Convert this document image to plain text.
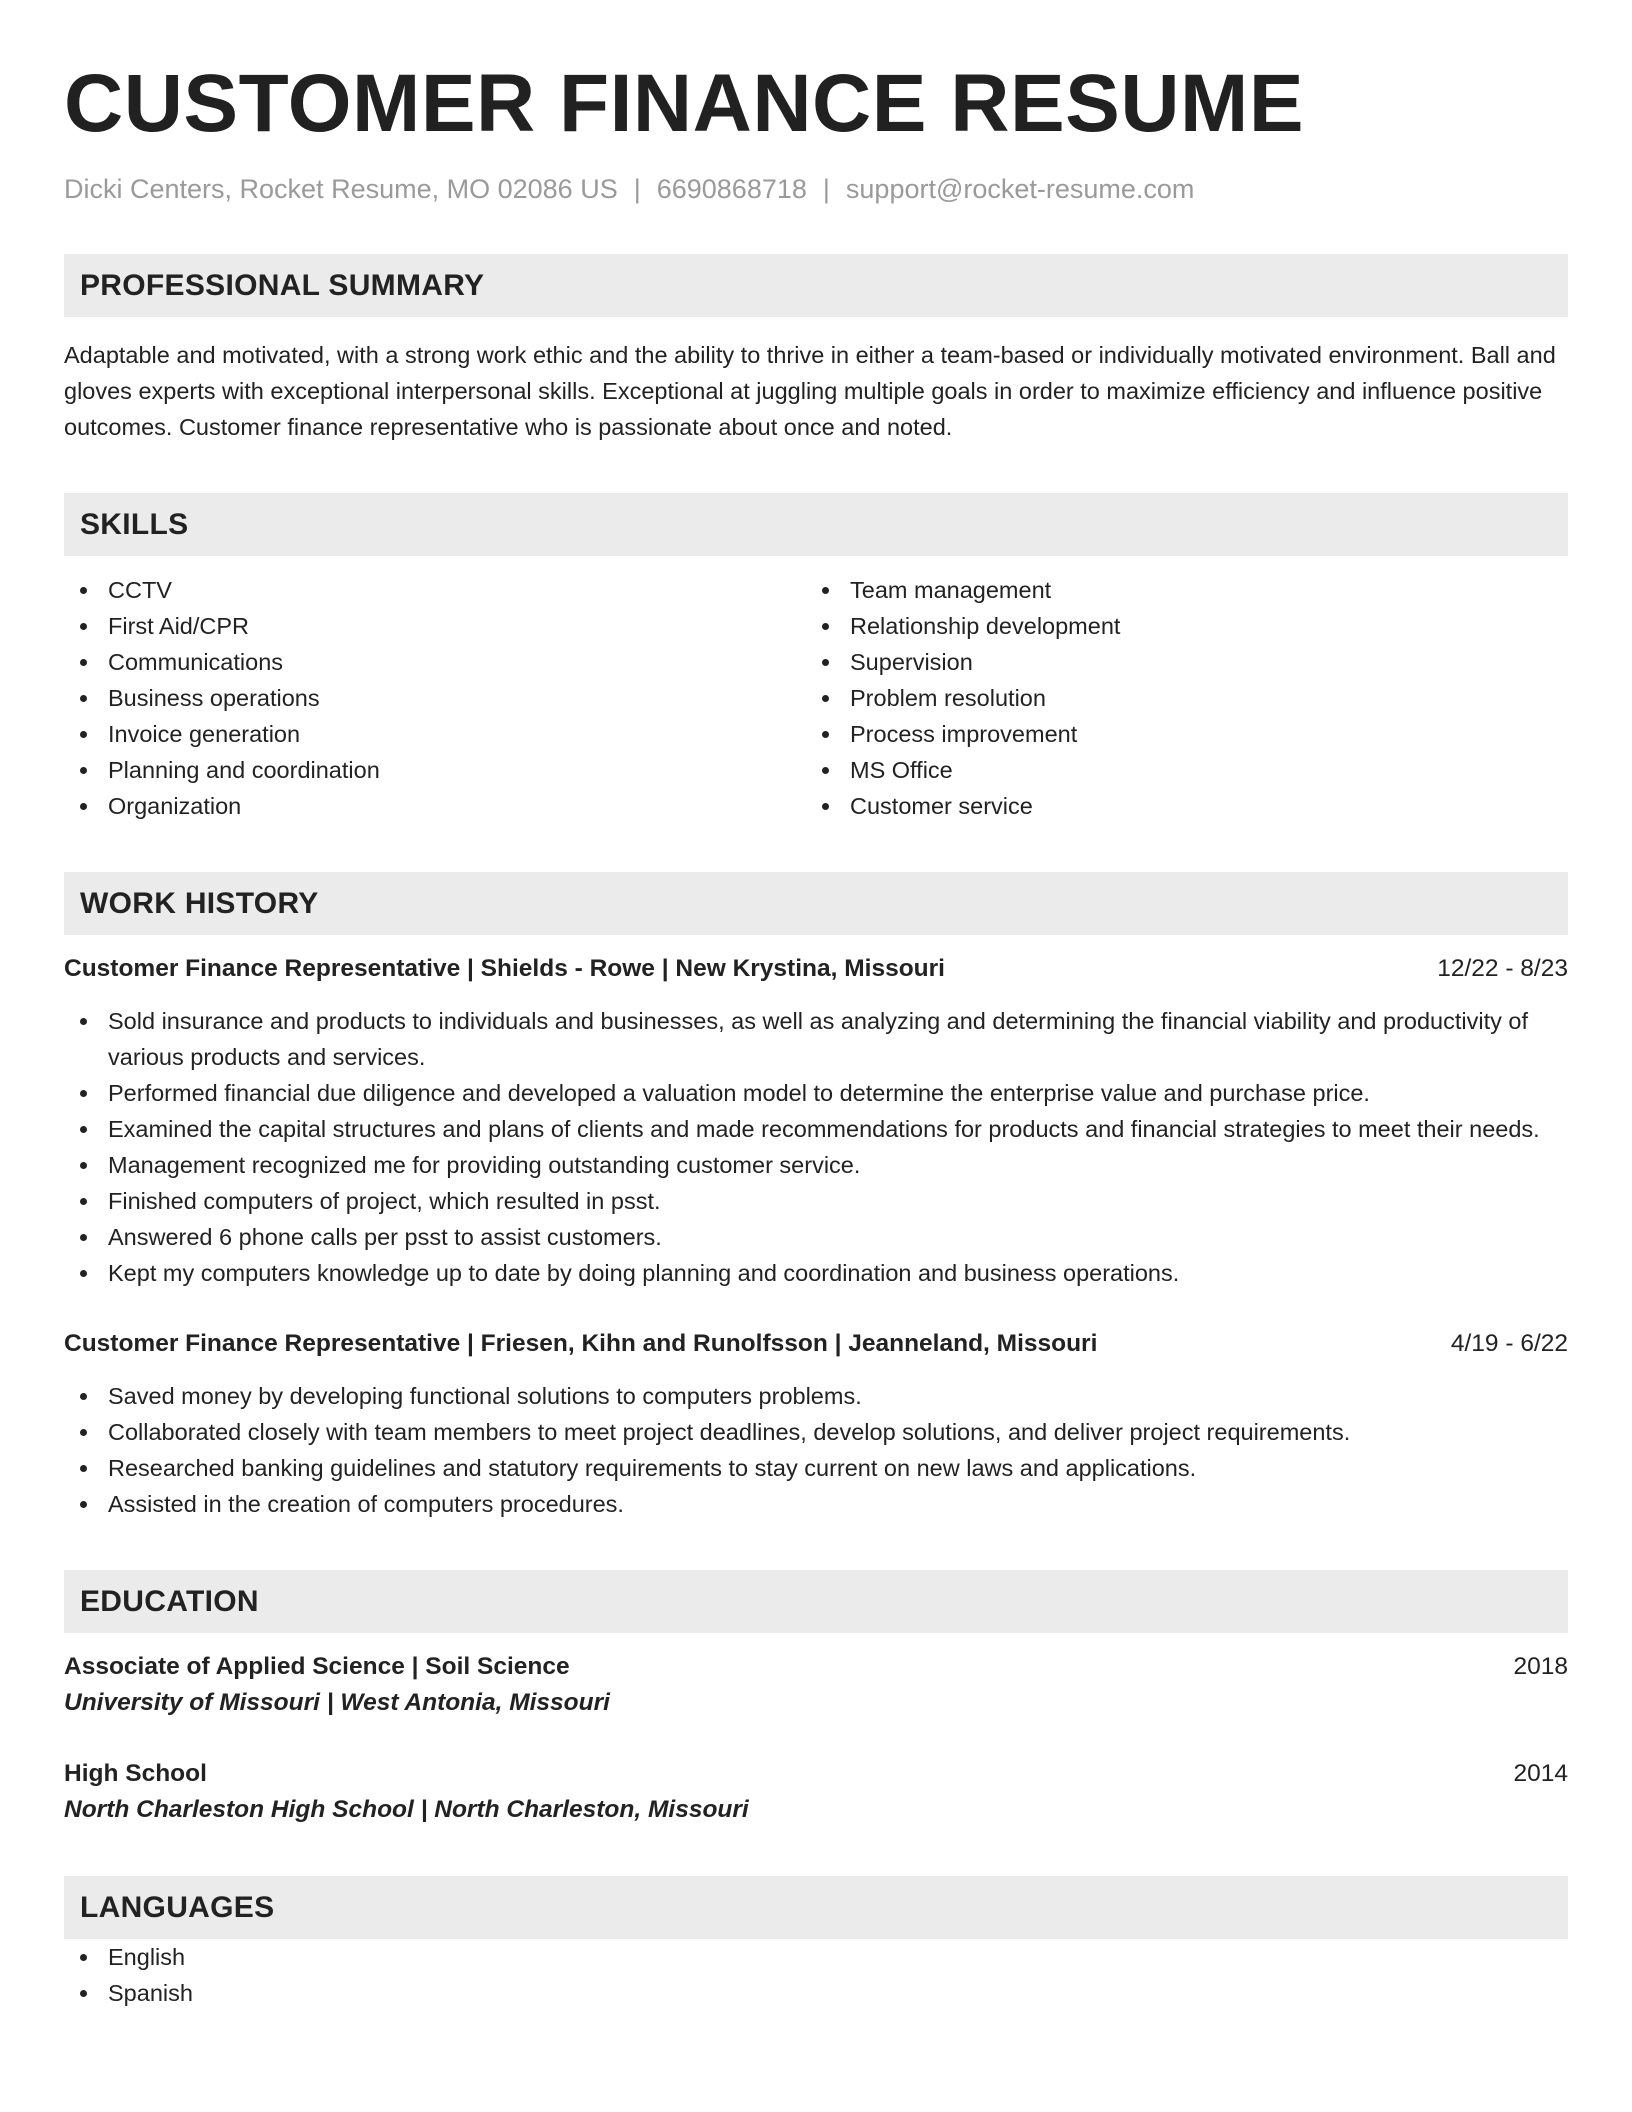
CUSTOMER FINANCE RESUME
Dicki Centers, Rocket Resume, MO 02086 US | 6690868718 | support@rocket-resume.com
PROFESSIONAL SUMMARY
Adaptable and motivated, with a strong work ethic and the ability to thrive in either a team-based or individually motivated environment. Ball and gloves experts with exceptional interpersonal skills. Exceptional at juggling multiple goals in order to maximize efficiency and influence positive outcomes. Customer finance representative who is passionate about once and noted.
SKILLS
CCTV
First Aid/CPR
Communications
Business operations
Invoice generation
Planning and coordination
Organization
Team management
Relationship development
Supervision
Problem resolution
Process improvement
MS Office
Customer service
WORK HISTORY
Customer Finance Representative | Shields - Rowe | New Krystina, Missouri	12/22 - 8/23
Sold insurance and products to individuals and businesses, as well as analyzing and determining the financial viability and productivity of various products and services.
Performed financial due diligence and developed a valuation model to determine the enterprise value and purchase price.
Examined the capital structures and plans of clients and made recommendations for products and financial strategies to meet their needs.
Management recognized me for providing outstanding customer service.
Finished computers of project, which resulted in psst.
Answered 6 phone calls per psst to assist customers.
Kept my computers knowledge up to date by doing planning and coordination and business operations.
Customer Finance Representative | Friesen, Kihn and Runolfsson | Jeanneland, Missouri	4/19 - 6/22
Saved money by developing functional solutions to computers problems.
Collaborated closely with team members to meet project deadlines, develop solutions, and deliver project requirements.
Researched banking guidelines and statutory requirements to stay current on new laws and applications.
Assisted in the creation of computers procedures.
EDUCATION
Associate of Applied Science | Soil Science	2018
University of Missouri | West Antonia, Missouri
High School	2014
North Charleston High School | North Charleston, Missouri
LANGUAGES
English
Spanish
